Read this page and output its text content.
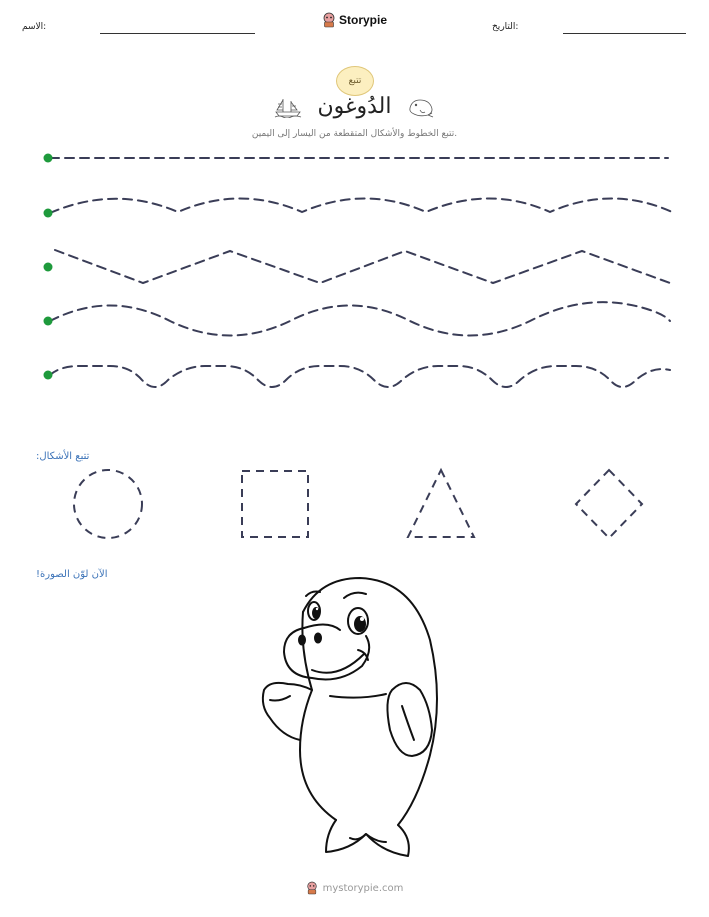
الاسم:	التاريخ:
Storypie
تتبع
الدُوغون
تتبع الخطوط والأشكال المتقطعة من اليسار إلى اليمين.
تتبع الأشكال:
الآن لوّن الصورة!
mystorypie.com
